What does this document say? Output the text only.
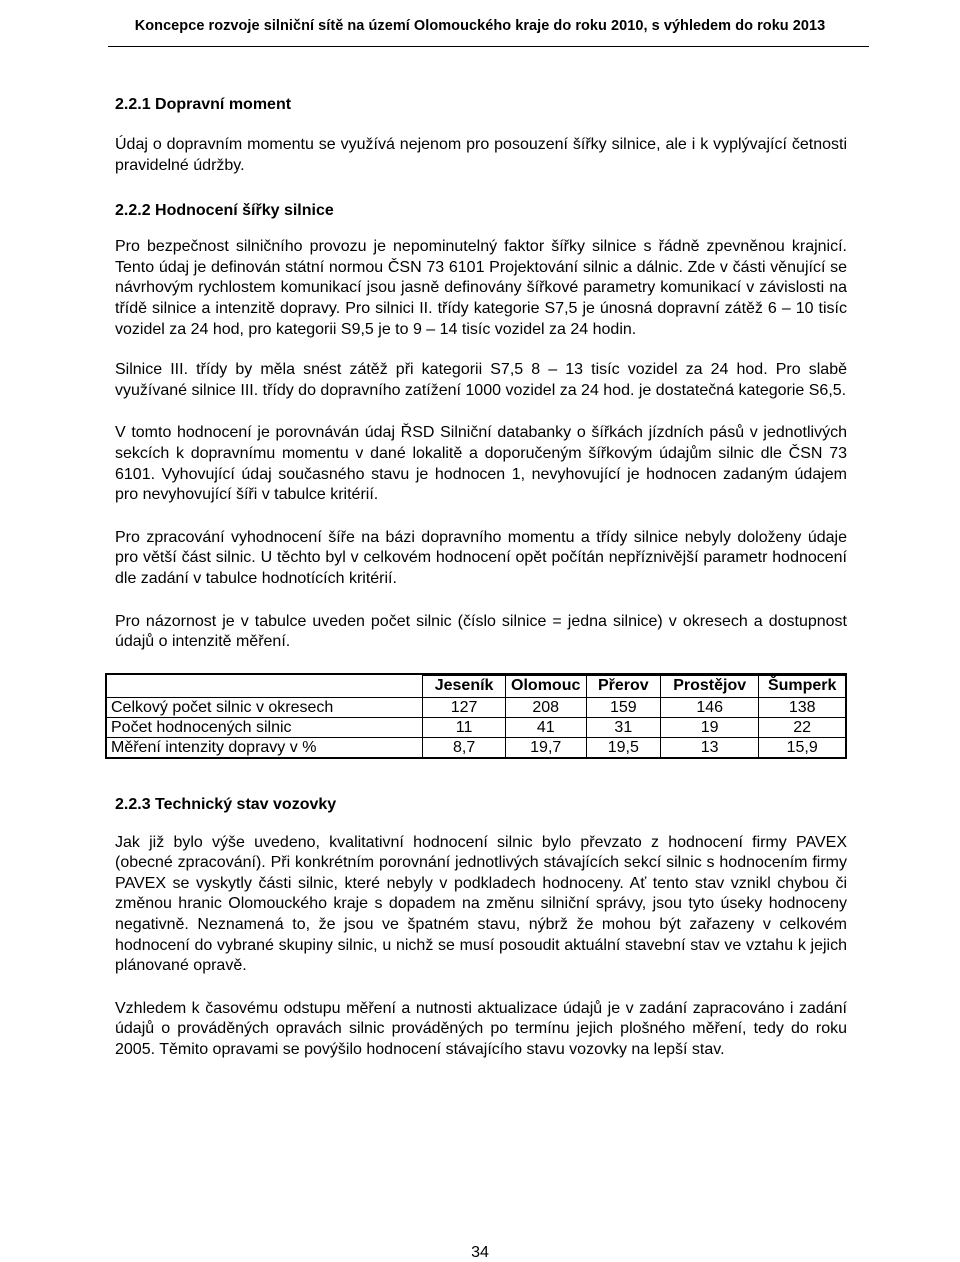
Koncepce rozvoje silniční sítě na území Olomouckého kraje do roku 2010, s výhledem do roku 2013
2.2.1 Dopravní moment

Údaj o dopravním momentu se využívá nejenom pro posouzení šířky silnice, ale i k vyplývající četnosti pravidelné údržby.

2.2.2 Hodnocení šířky silnice

Pro bezpečnost silničního provozu je nepominutelný faktor šířky silnice s řádně zpevněnou krajnicí. Tento údaj je definován státní normou ČSN 73 6101 Projektování silnic a dálnic. Zde v části věnující se návrhovým rychlostem komunikací jsou jasně definovány šířkové parametry komunikací v závislosti na třídě silnice a intenzitě dopravy. Pro silnici II. třídy kategorie S7,5 je únosná dopravní zátěž 6 – 10 tisíc vozidel za 24 hod, pro kategorii S9,5 je to 9 – 14 tisíc vozidel za 24 hodin.

Silnice III. třídy by měla snést zátěž při kategorii S7,5 8 – 13 tisíc vozidel za 24 hod. Pro slabě využívané silnice III. třídy do dopravního zatížení 1000 vozidel za 24 hod. je dostatečná kategorie S6,5.

V tomto hodnocení je porovnáván údaj ŘSD Silniční databanky o šířkách jízdních pásů v jednotlivých sekcích k dopravnímu momentu v dané lokalitě a doporučeným šířkovým údajům silnic dle ČSN 73 6101. Vyhovující údaj současného stavu je hodnocen 1, nevyhovující je hodnocen zadaným údajem pro nevyhovující šíři v tabulce kritérií.

Pro zpracování vyhodnocení šíře na bázi dopravního momentu a třídy silnice nebyly doloženy údaje pro větší část silnic. U těchto byl v celkovém hodnocení opět počítán nepříznivější parametr hodnocení dle zadání v tabulce hodnotících kritérií.

Pro názornost je v tabulce uveden počet silnic (číslo silnice = jedna silnice) v okresech a dostupnost údajů o intenzitě měření.

	Jeseník	Olomouc	Přerov	Prostějov	Šumperk
Celkový počet silnic v okresech	127	208	159	146	138
Počet hodnocených silnic	11	41	31	19	22
Měření intenzity dopravy v %	8,7	19,7	19,5	13	15,9
2.2.3 Technický stav vozovky

Jak již bylo výše uvedeno, kvalitativní hodnocení silnic bylo převzato z hodnocení firmy PAVEX (obecné zpracování). Při konkrétním porovnání jednotlivých stávajících sekcí silnic s hodnocením firmy PAVEX se vyskytly části silnic, které nebyly v podkladech hodnoceny. Ať tento stav vznikl chybou či změnou hranic Olomouckého kraje s dopadem na změnu silniční správy, jsou tyto úseky hodnoceny negativně. Neznamená to, že jsou ve špatném stavu, nýbrž že mohou být zařazeny v celkovém hodnocení do vybrané skupiny silnic, u nichž se musí posoudit aktuální stavební stav ve vztahu k jejich plánované opravě.

Vzhledem k časovému odstupu měření a nutnosti aktualizace údajů je v zadání zapracováno i zadání údajů o prováděných opravách silnic prováděných po termínu jejich plošného měření, tedy do roku 2005. Těmito opravami se povýšilo hodnocení stávajícího stavu vozovky na lepší stav.

34
